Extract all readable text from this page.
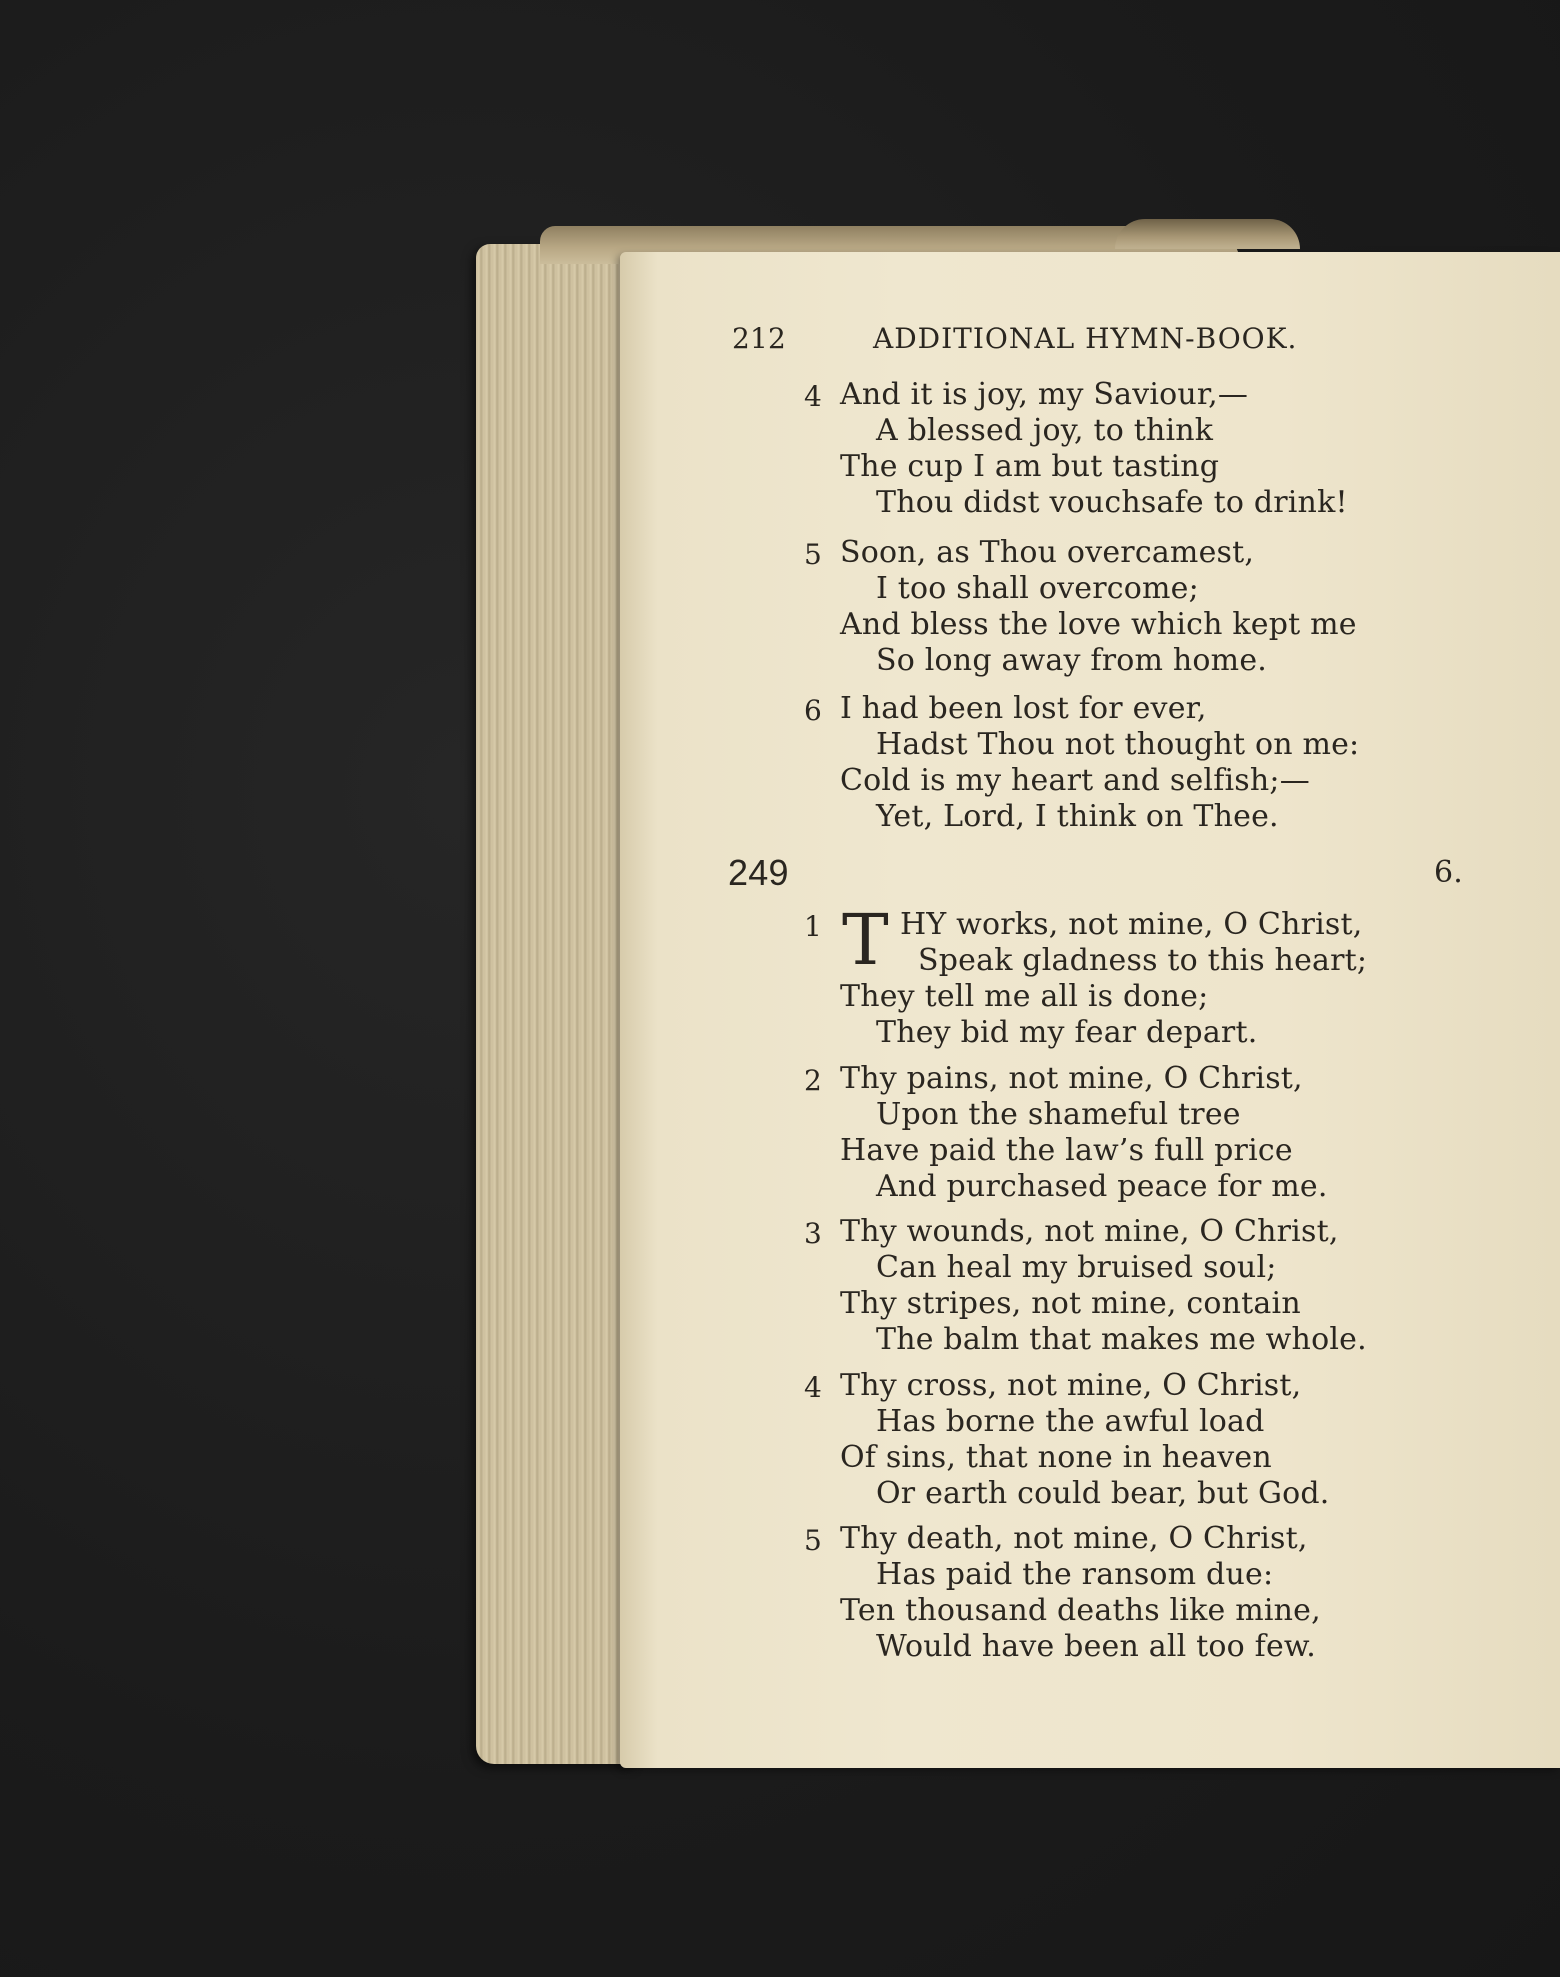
212	ADDITIONAL HYMN-BOOK.
4 And it is joy, my Saviour,—
A blessed joy, to think
The cup I am but tasting
Thou didst vouchsafe to drink!
5 Soon, as Thou overcamest,
I too shall overcome;
And bless the love which kept me
So long away from home.
6 I had been lost for ever,
Hadst Thou not thought on me:
Cold is my heart and selfish;—
Yet, Lord, I think on Thee.
249	6.
1 T HY works, not mine, O Christ,
Speak gladness to this heart;
They tell me all is done;
They bid my fear depart.
2 Thy pains, not mine, O Christ,
Upon the shameful tree
Have paid the law’s full price
And purchased peace for me.
3 Thy wounds, not mine, O Christ,
Can heal my bruised soul;
Thy stripes, not mine, contain
The balm that makes me whole.
4 Thy cross, not mine, O Christ,
Has borne the awful load
Of sins, that none in heaven
Or earth could bear, but God.
5 Thy death, not mine, O Christ,
Has paid the ransom due:
Ten thousand deaths like mine,
Would have been all too few.
